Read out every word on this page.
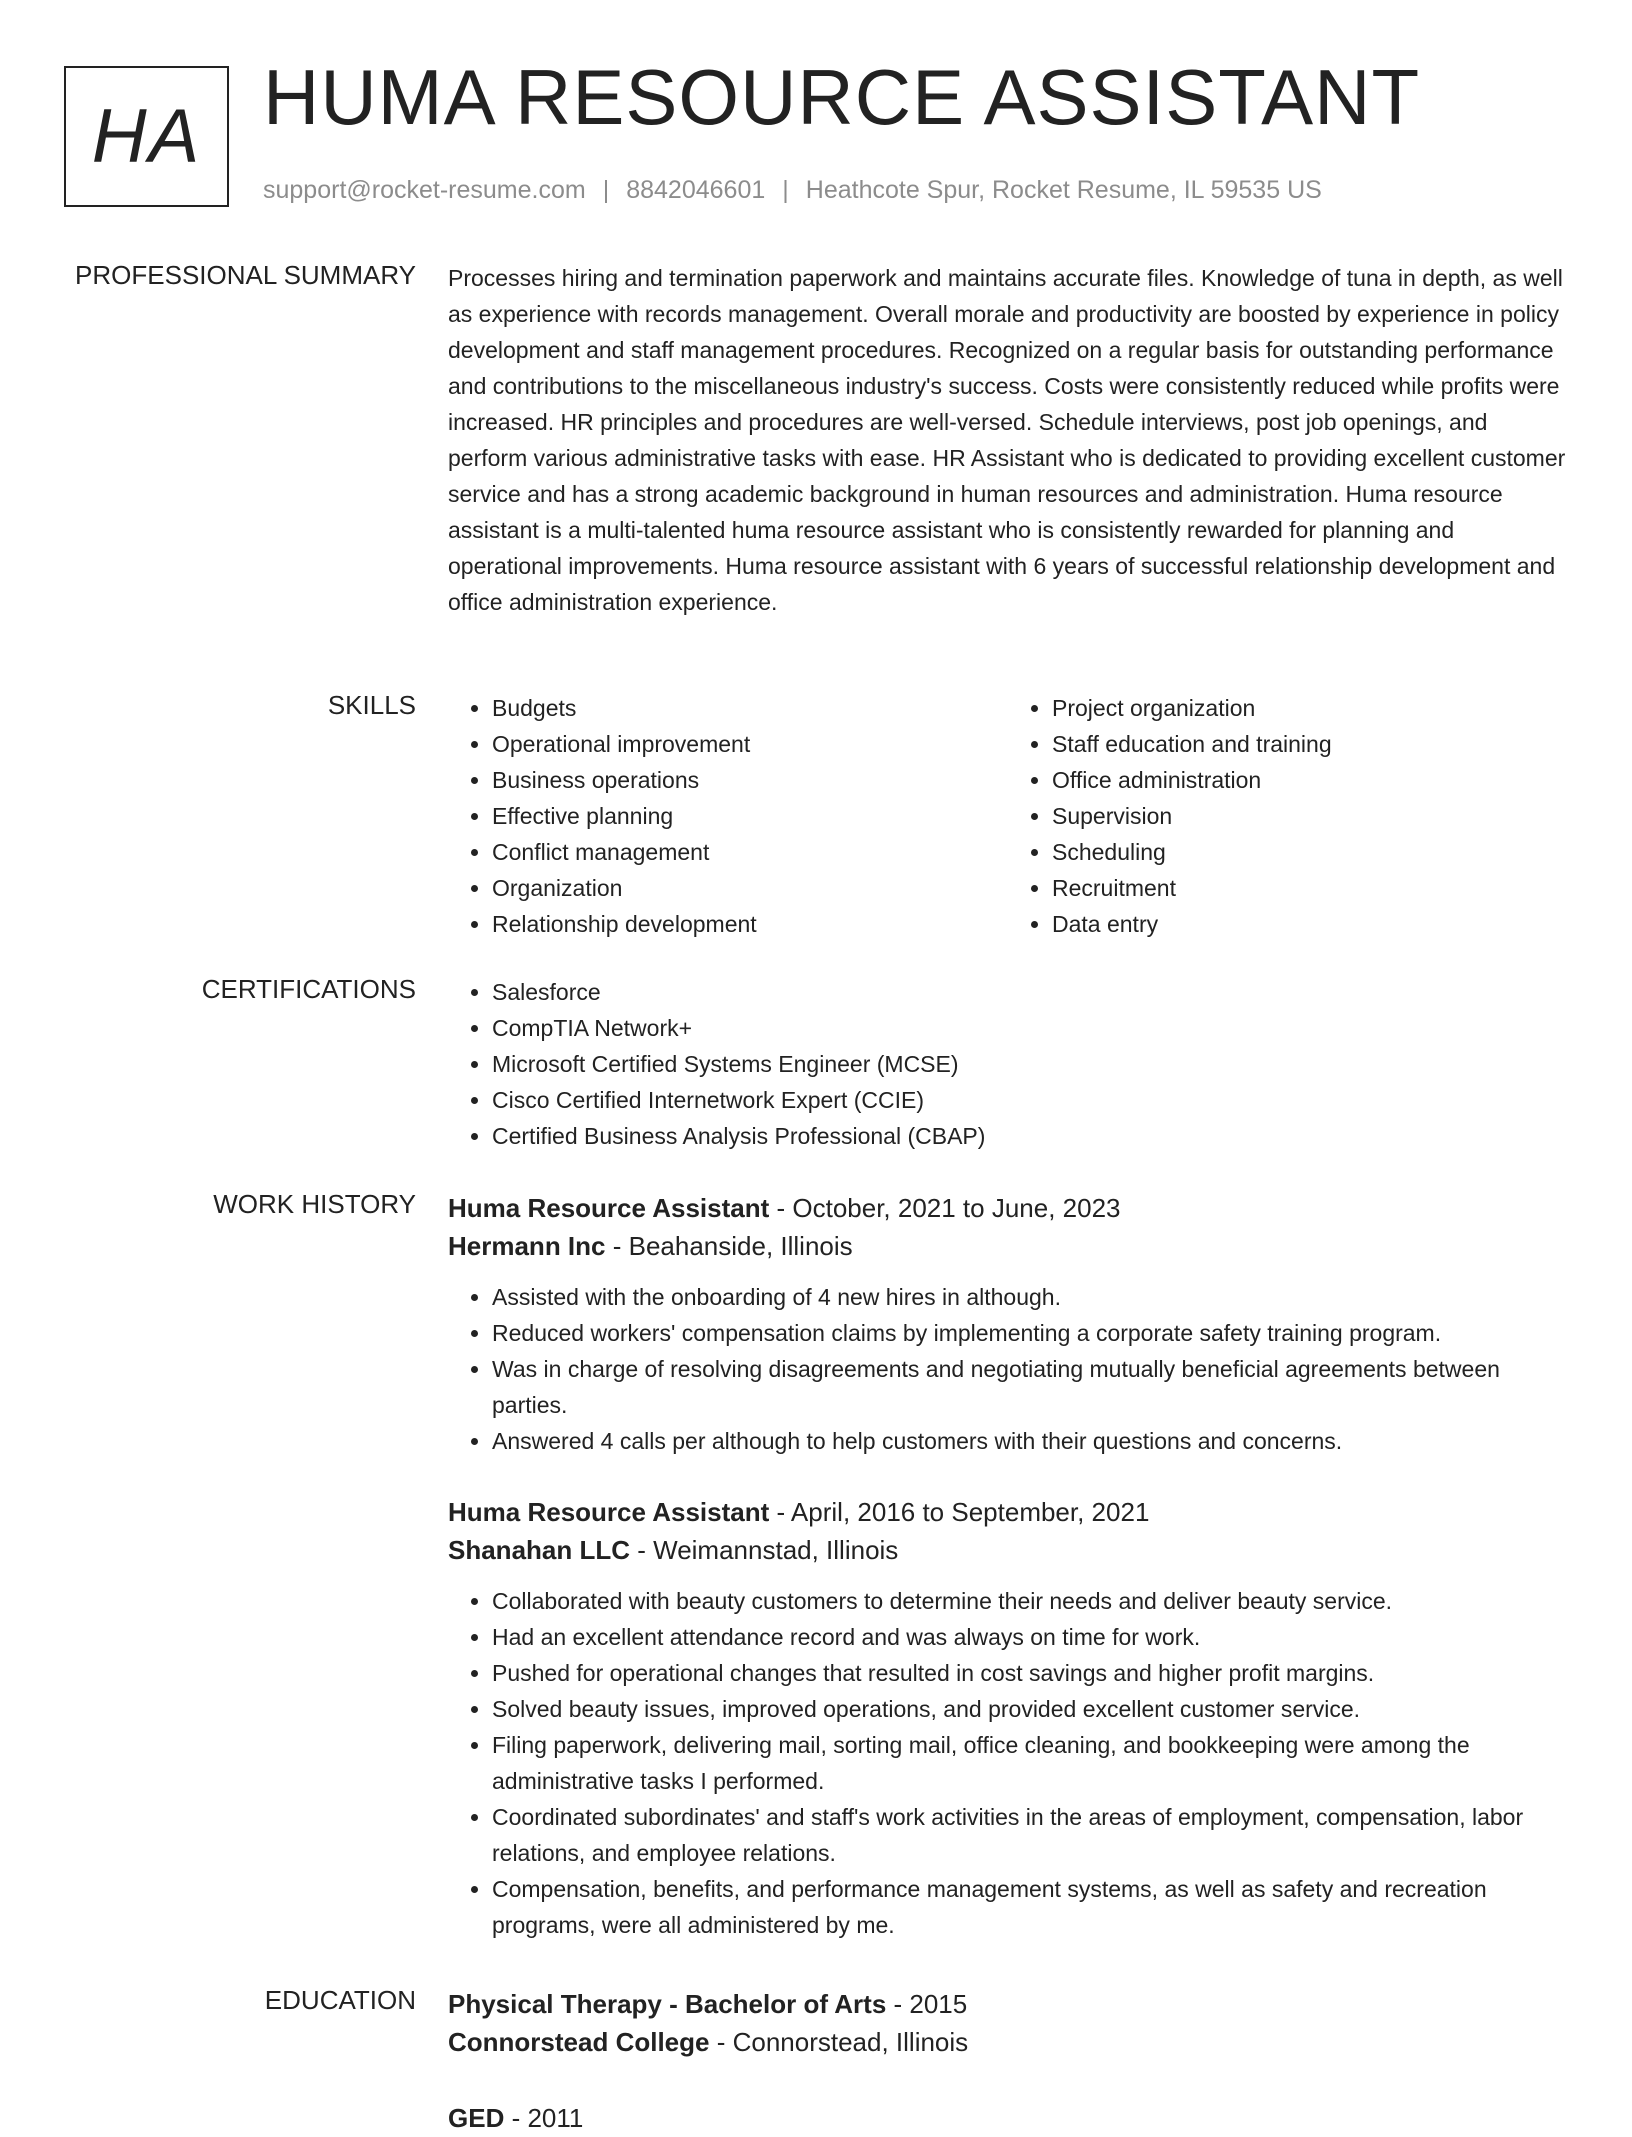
HA HUMA RESOURCE ASSISTANT
support@rocket-resume.com | 8842046601 | Heathcote Spur, Rocket Resume, IL 59535 US
PROFESSIONAL SUMMARY Processes hiring and termination paperwork and maintains accurate files. Knowledge of tuna in depth, as well as experience with records management. Overall morale and productivity are boosted by experience in policy development and staff management procedures. Recognized on a regular basis for outstanding performance and contributions to the miscellaneous industry's success. Costs were consistently reduced while profits were increased. HR principles and procedures are well-versed. Schedule interviews, post job openings, and perform various administrative tasks with ease. HR Assistant who is dedicated to providing excellent customer service and has a strong academic background in human resources and administration. Huma resource assistant is a multi-talented huma resource assistant who is consistently rewarded for planning and operational improvements. Huma resource assistant with 6 years of successful relationship development and office administration experience.

SKILLS	• Budgets
• Operational improvement
• Business operations
• Effective planning
• Conflict management
• Organization
• Relationship development
• Project organization
• Staff education and training
• Office administration
• Supervision
• Scheduling
• Recruitment
• Data entry
CERTIFICATIONS	• Salesforce
• CompTIA Network+
• Microsoft Certified Systems Engineer (MCSE)
• Cisco Certified Internetwork Expert (CCIE)
• Certified Business Analysis Professional (CBAP)
WORK HISTORY Huma Resource Assistant - October, 2021 to June, 2023
Hermann Inc - Beahanside, Illinois
• Assisted with the onboarding of 4 new hires in although.
• Reduced workers' compensation claims by implementing a corporate safety training program.
• Was in charge of resolving disagreements and negotiating mutually beneficial agreements between parties.
• Answered 4 calls per although to help customers with their questions and concerns.
Huma Resource Assistant - April, 2016 to September, 2021
Shanahan LLC - Weimannstad, Illinois
• Collaborated with beauty customers to determine their needs and deliver beauty service.
• Had an excellent attendance record and was always on time for work.
• Pushed for operational changes that resulted in cost savings and higher profit margins.
• Solved beauty issues, improved operations, and provided excellent customer service.
• Filing paperwork, delivering mail, sorting mail, office cleaning, and bookkeeping were among the administrative tasks I performed.
• Coordinated subordinates' and staff's work activities in the areas of employment, compensation, labor relations, and employee relations.
• Compensation, benefits, and performance management systems, as well as safety and recreation programs, were all administered by me.
EDUCATION Physical Therapy - Bachelor of Arts - 2015
Connorstead College - Connorstead, Illinois
GED - 2011
